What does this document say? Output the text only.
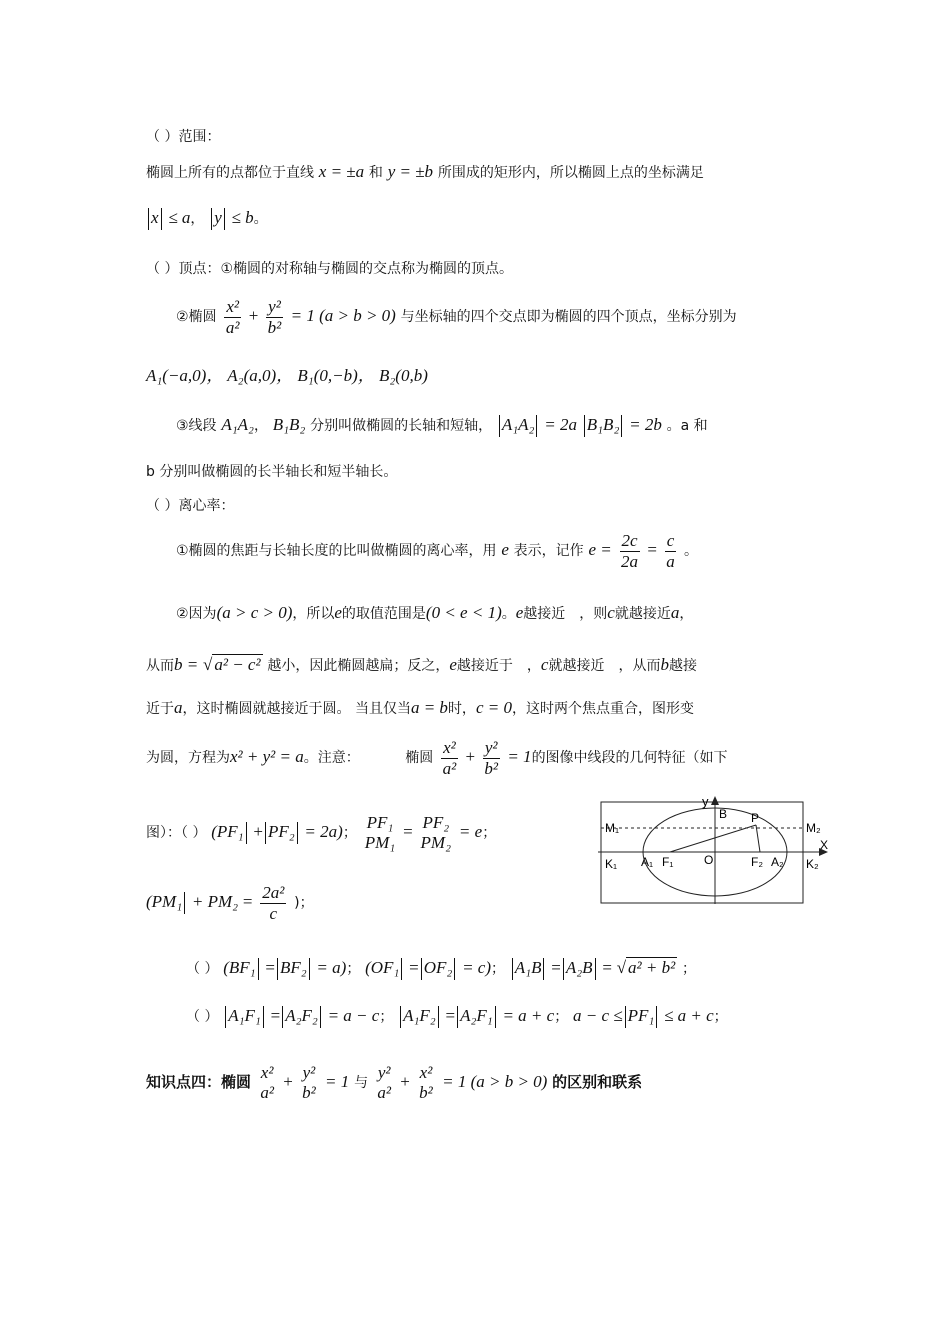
（ ）范围：
椭圆上所有的点都位于直线 x = ±a 和 y = ±b 所围成的矩形内，所以椭圆上点的坐标满足
x ≤ a， y ≤ b。
（ ）顶点：①椭圆的对称轴与椭圆的交点称为椭圆的顶点。
②椭圆 $\frac{\text{x²}}{\text{a²}} + \frac{\text{y²}}{\text{b²}} = 1$ (a > b > 0) 与坐标轴的四个交点即为椭圆的四个顶点，坐标分别为
A₁(−a,0)， A₂(a,0)， B₁(0,−b)， B₂(0,b)
③线段 A₁A₂， B₁B₂ 分别叫做椭圆的长轴和短轴， A₁A₂ = 2a B₁B₂ = 2b 。a 和
b 分别叫做椭圆的长半轴长和短半轴长。
（ ）离心率：
①椭圆的焦距与长轴长度的比叫做椭圆的离心率，用 e 表示，记作 $e = \frac{2c}{2a} = \frac{c}{a}$ 。
②因为(a > c > 0)，所以e的取值范围是(0 < e < 1)。e越接近　，则c就越接近a，
从而b = √ a² − c² 越小，因此椭圆越扁；反之，e越接近于　，c就越接近　，从而b越接
近于a，这时椭圆就越接近于圆。 当且仅当a = b时，c = 0，这时两个焦点重合，图形变
为圆，方程为x² + y² = a。注意：	椭圆 $\frac{\text{x²}}{\text{a²}} + \frac{\text{y²}}{\text{b²}} = 1$的图像中线段的几何特征（如下
图）：（ ） (PF₁ + PF₂ = 2a)；
PF₁
PM₁
= PF₂
PM₂
= e；
($PM_1 + PM_2 = \frac{\text{2a²}}{c}$ )；
（ ） (BF₁ = BF₂ = a)； (OF₁ = OF₂ = c)； A₁B = A₂B = √ a² + b² ；
（ ） A₁F₁ = A₂F₂ = a − c； A₁F₂ = A₂F₁ = a + c； a − c ≤ PF₁ ≤ a + c；
y
B P
M₁	M₂
X
K₁	K₂
A₁ F₁	O	F₂ A₂
知识点四：椭圆 x²
a²
+ y²
b²
= 1 与
y²
a²
+ x²
b²
= 1 (a > b > 0) 的区别和联系
